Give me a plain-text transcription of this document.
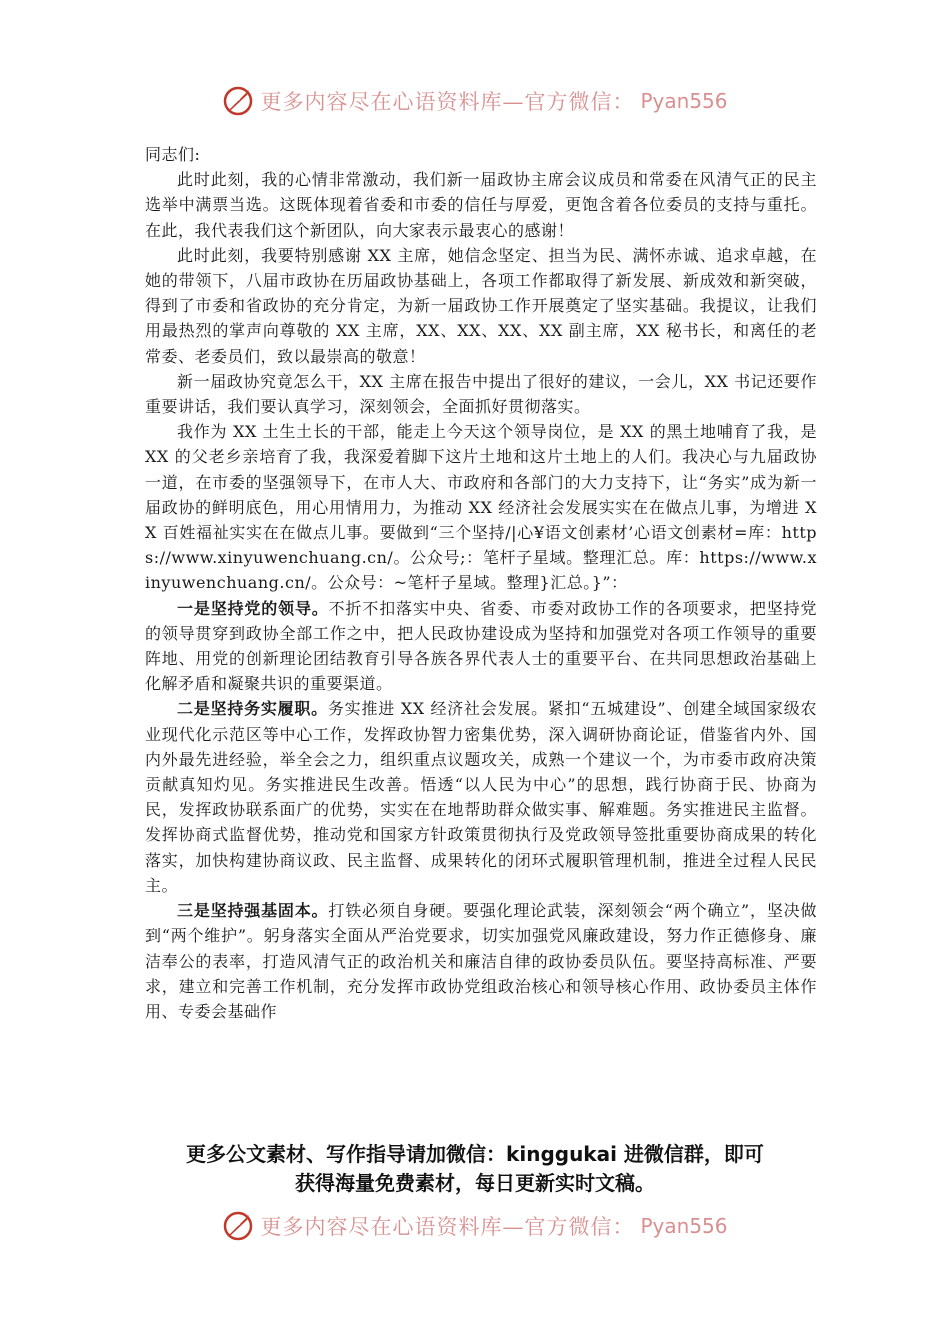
更多内容尽在心语资料库—官方微信： Pyan556

同志们:

此时此刻，我的心情非常激动，我们新一届政协主席会议成员和常委在风清气正的民主选举中满票当选。这既体现着省委和市委的信任与厚爱，更饱含着各位委员的支持与重托。在此，我代表我们这个新团队，向大家表示最衷心的感谢！

此时此刻，我要特别感谢 XX 主席，她信念坚定、担当为民、满怀赤诚、追求卓越，在她的带领下，八届市政协在历届政协基础上，各项工作都取得了新发展、新成效和新突破，得到了市委和省政协的充分肯定，为新一届政协工作开展奠定了坚实基础。我提议，让我们用最热烈的掌声向尊敬的 XX 主席，XX、XX、XX、XX 副主席，XX 秘书长，和离任的老常委、老委员们，致以最崇高的敬意！

新一届政协究竟怎么干，XX 主席在报告中提出了很好的建议，一会儿，XX 书记还要作重要讲话，我们要认真学习，深刻领会，全面抓好贯彻落实。

我作为 XX 土生土长的干部，能走上今天这个领导岗位，是 XX 的黑土地哺育了我，是 XX 的父老乡亲培育了我，我深爱着脚下这片土地和这片土地上的人们。我决心与九届政协一道，在市委的坚强领导下，在市人大、市政府和各部门的大力支持下，让“务实”成为新一届政协的鲜明底色，用心用情用力，为推动 XX 经济社会发展实实在在做点儿事，为增进 XX 百姓福祉实实在在做点儿事。要做到“三个坚持/|心¥语文创素材’心语文创素材=库：https://www.xinyuwenchuang.cn/。公众号;：笔杆子星域。整理汇总。库：https://www.xinyuwenchuang.cn/。公众号：~笔杆子星域。整理}汇总。}”：

一是坚持党的领导。不折不扣落实中央、省委、市委对政协工作的各项要求，把坚持党的领导贯穿到政协全部工作之中，把人民政协建设成为坚持和加强党对各项工作领导的重要阵地、用党的创新理论团结教育引导各族各界代表人士的重要平台、在共同思想政治基础上化解矛盾和凝聚共识的重要渠道。

二是坚持务实履职。务实推进 XX 经济社会发展。紧扣“五城建设”、创建全域国家级农业现代化示范区等中心工作，发挥政协智力密集优势，深入调研协商论证，借鉴省内外、国内外最先进经验，举全会之力，组织重点议题攻关，成熟一个建议一个，为市委市政府决策贡献真知灼见。务实推进民生改善。悟透“以人民为中心”的思想，践行协商于民、协商为民，发挥政协联系面广的优势，实实在在地帮助群众做实事、解难题。务实推进民主监督。发挥协商式监督优势，推动党和国家方针政策贯彻执行及党政领导签批重要协商成果的转化落实，加快构建协商议政、民主监督、成果转化的闭环式履职管理机制，推进全过程人民民主。

三是坚持强基固本。打铁必须自身硬。要强化理论武装，深刻领会“两个确立”，坚决做到“两个维护”。躬身落实全面从严治党要求，切实加强党风廉政建设，努力作正德修身、廉洁奉公的表率，打造风清气正的政治机关和廉洁自律的政协委员队伍。要坚持高标准、严要求，建立和完善工作机制，充分发挥市政协党组政治核心和领导核心作用、政协委员主体作用、专委会基础作

更多公文素材、写作指导请加微信：kinggukai 进微信群，即可
获得海量免费素材，每日更新实时文稿。
更多内容尽在心语资料库—官方微信： Pyan556
